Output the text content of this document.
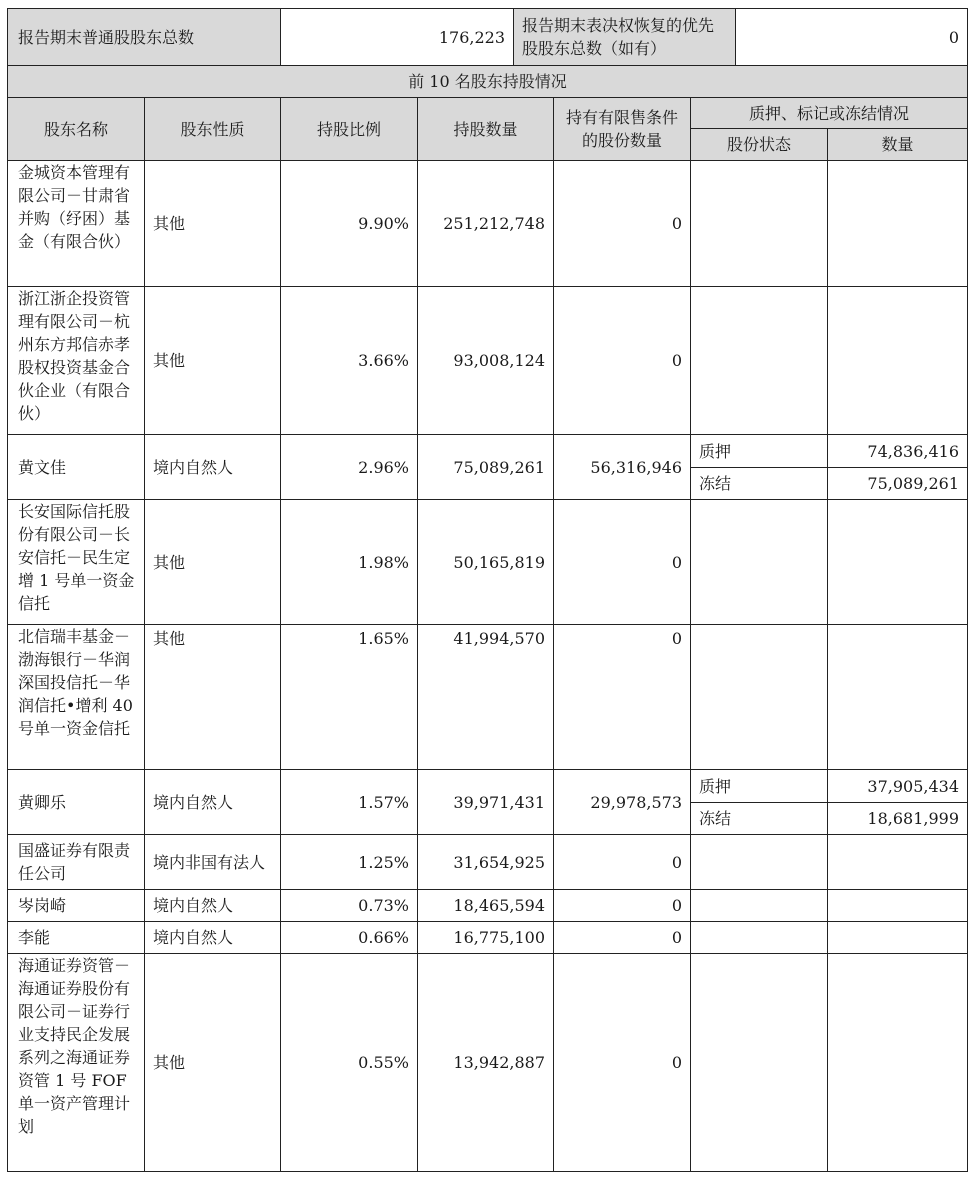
报告期末普通股股东总数	176,223	报告期末表决权恢复的优先股股东总数（如有）	0
前 10 名股东持股情况						
股东名称	股东性质	持股比例	持股数量	持有有限售条件的股份数量	质押、标记或冻结情况	
					股份状态	数量
金城资本管理有限公司－甘肃省并购（纾困）基金（有限合伙）	其他	9.90%	251,212,748	0		
浙江浙企投资管理有限公司－杭州东方邦信赤孝股权投资基金合伙企业（有限合伙）	其他	3.66%	93,008,124	0		
黄文佳	境内自然人	2.96%	75,089,261	56,316,946	质押	74,836,416
					冻结	75,089,261
长安国际信托股份有限公司－长安信托－民生定增 1 号单一资金信托	其他	1.98%	50,165,819	0		
北信瑞丰基金－渤海银行－华润深国投信托－华润信托•增利 40 号单一资金信托	其他	1.65%	41,994,570	0		
黄卿乐	境内自然人	1.57%	39,971,431	29,978,573	质押	37,905,434
					冻结	18,681,999
国盛证券有限责任公司	境内非国有法人	1.25%	31,654,925	0		
岑岗崎	境内自然人	0.73%	18,465,594	0		
李能	境内自然人	0.66%	16,775,100	0		
海通证券资管－海通证券股份有限公司－证券行业支持民企发展系列之海通证券资管 1 号 FOF 单一资产管理计划	其他	0.55%	13,942,887	0		
